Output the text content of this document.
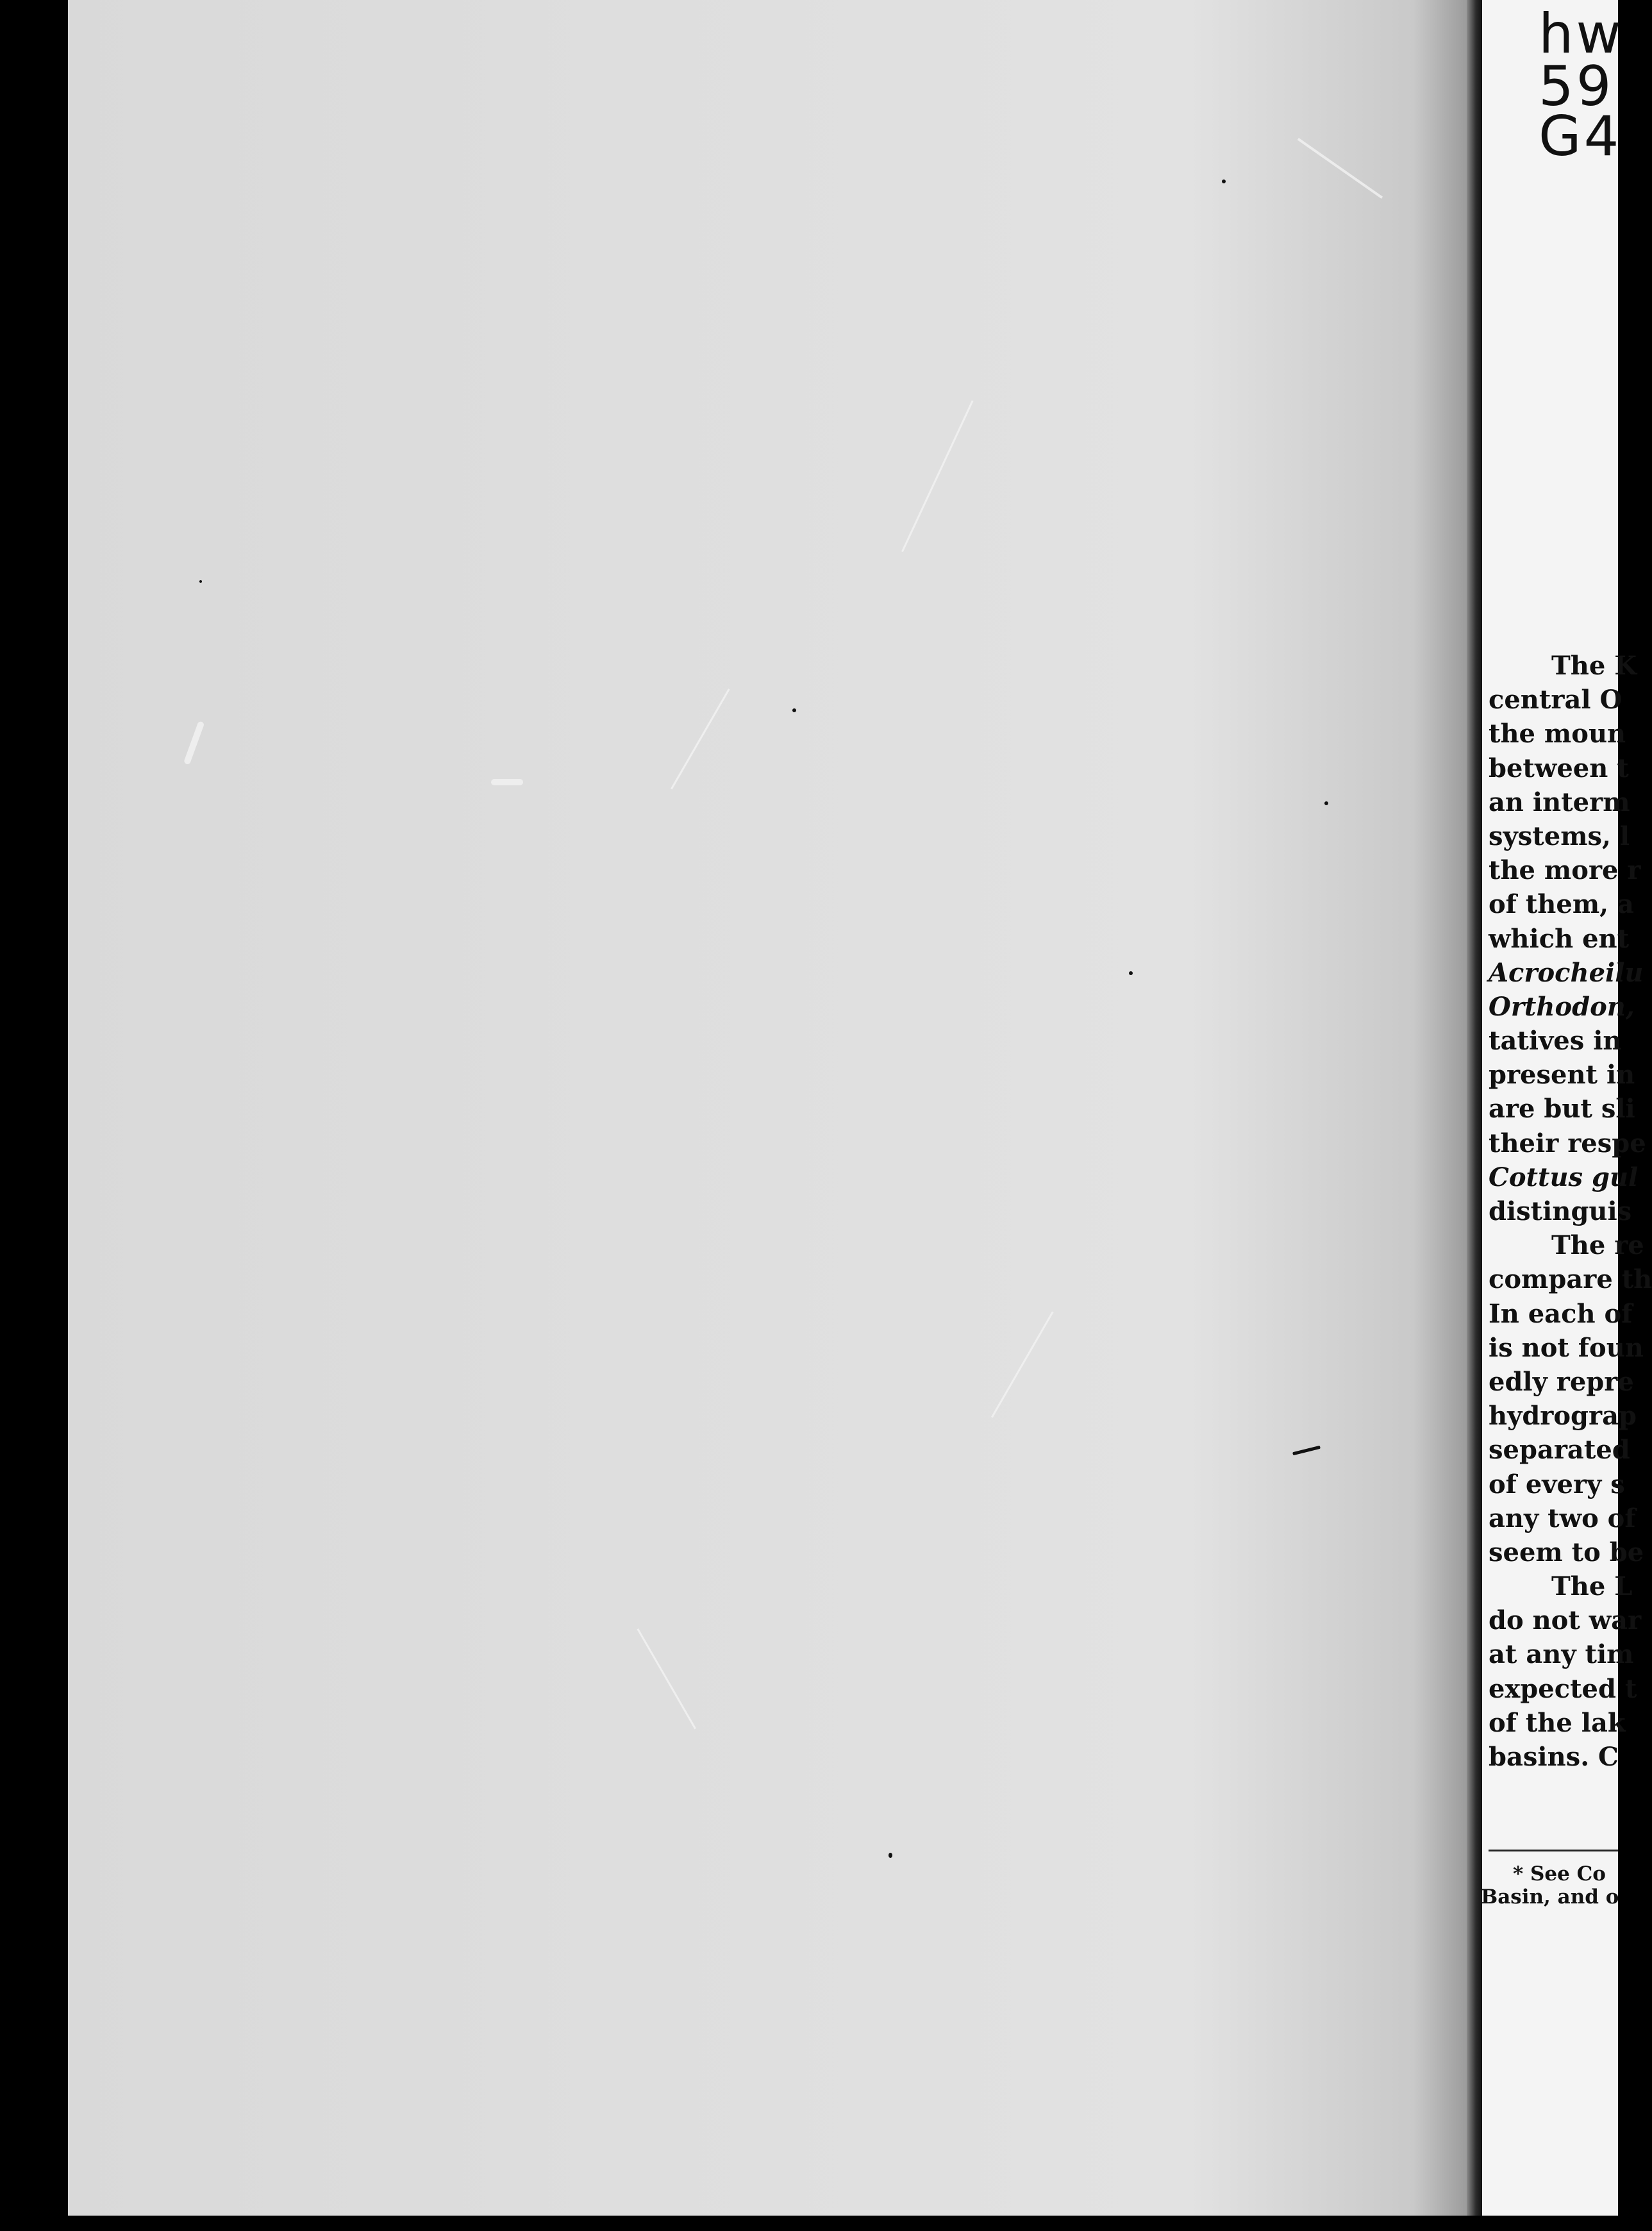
hw
59
G4
The K
central O
the moun
between t
an interm
systems, l
the more r
of them, a
which ent
Acrocheilu
Orthodon,
tatives in
present in
are but sli
their respe
Cottus gul
distinguis
The re
compare th
In each of
is not foun
edly repre
hydrograp
separated
of every s
any two of
seem to be
The L
do not war
at any tim
expected t
of the lak
basins. C
* See Co
Basin, and o
